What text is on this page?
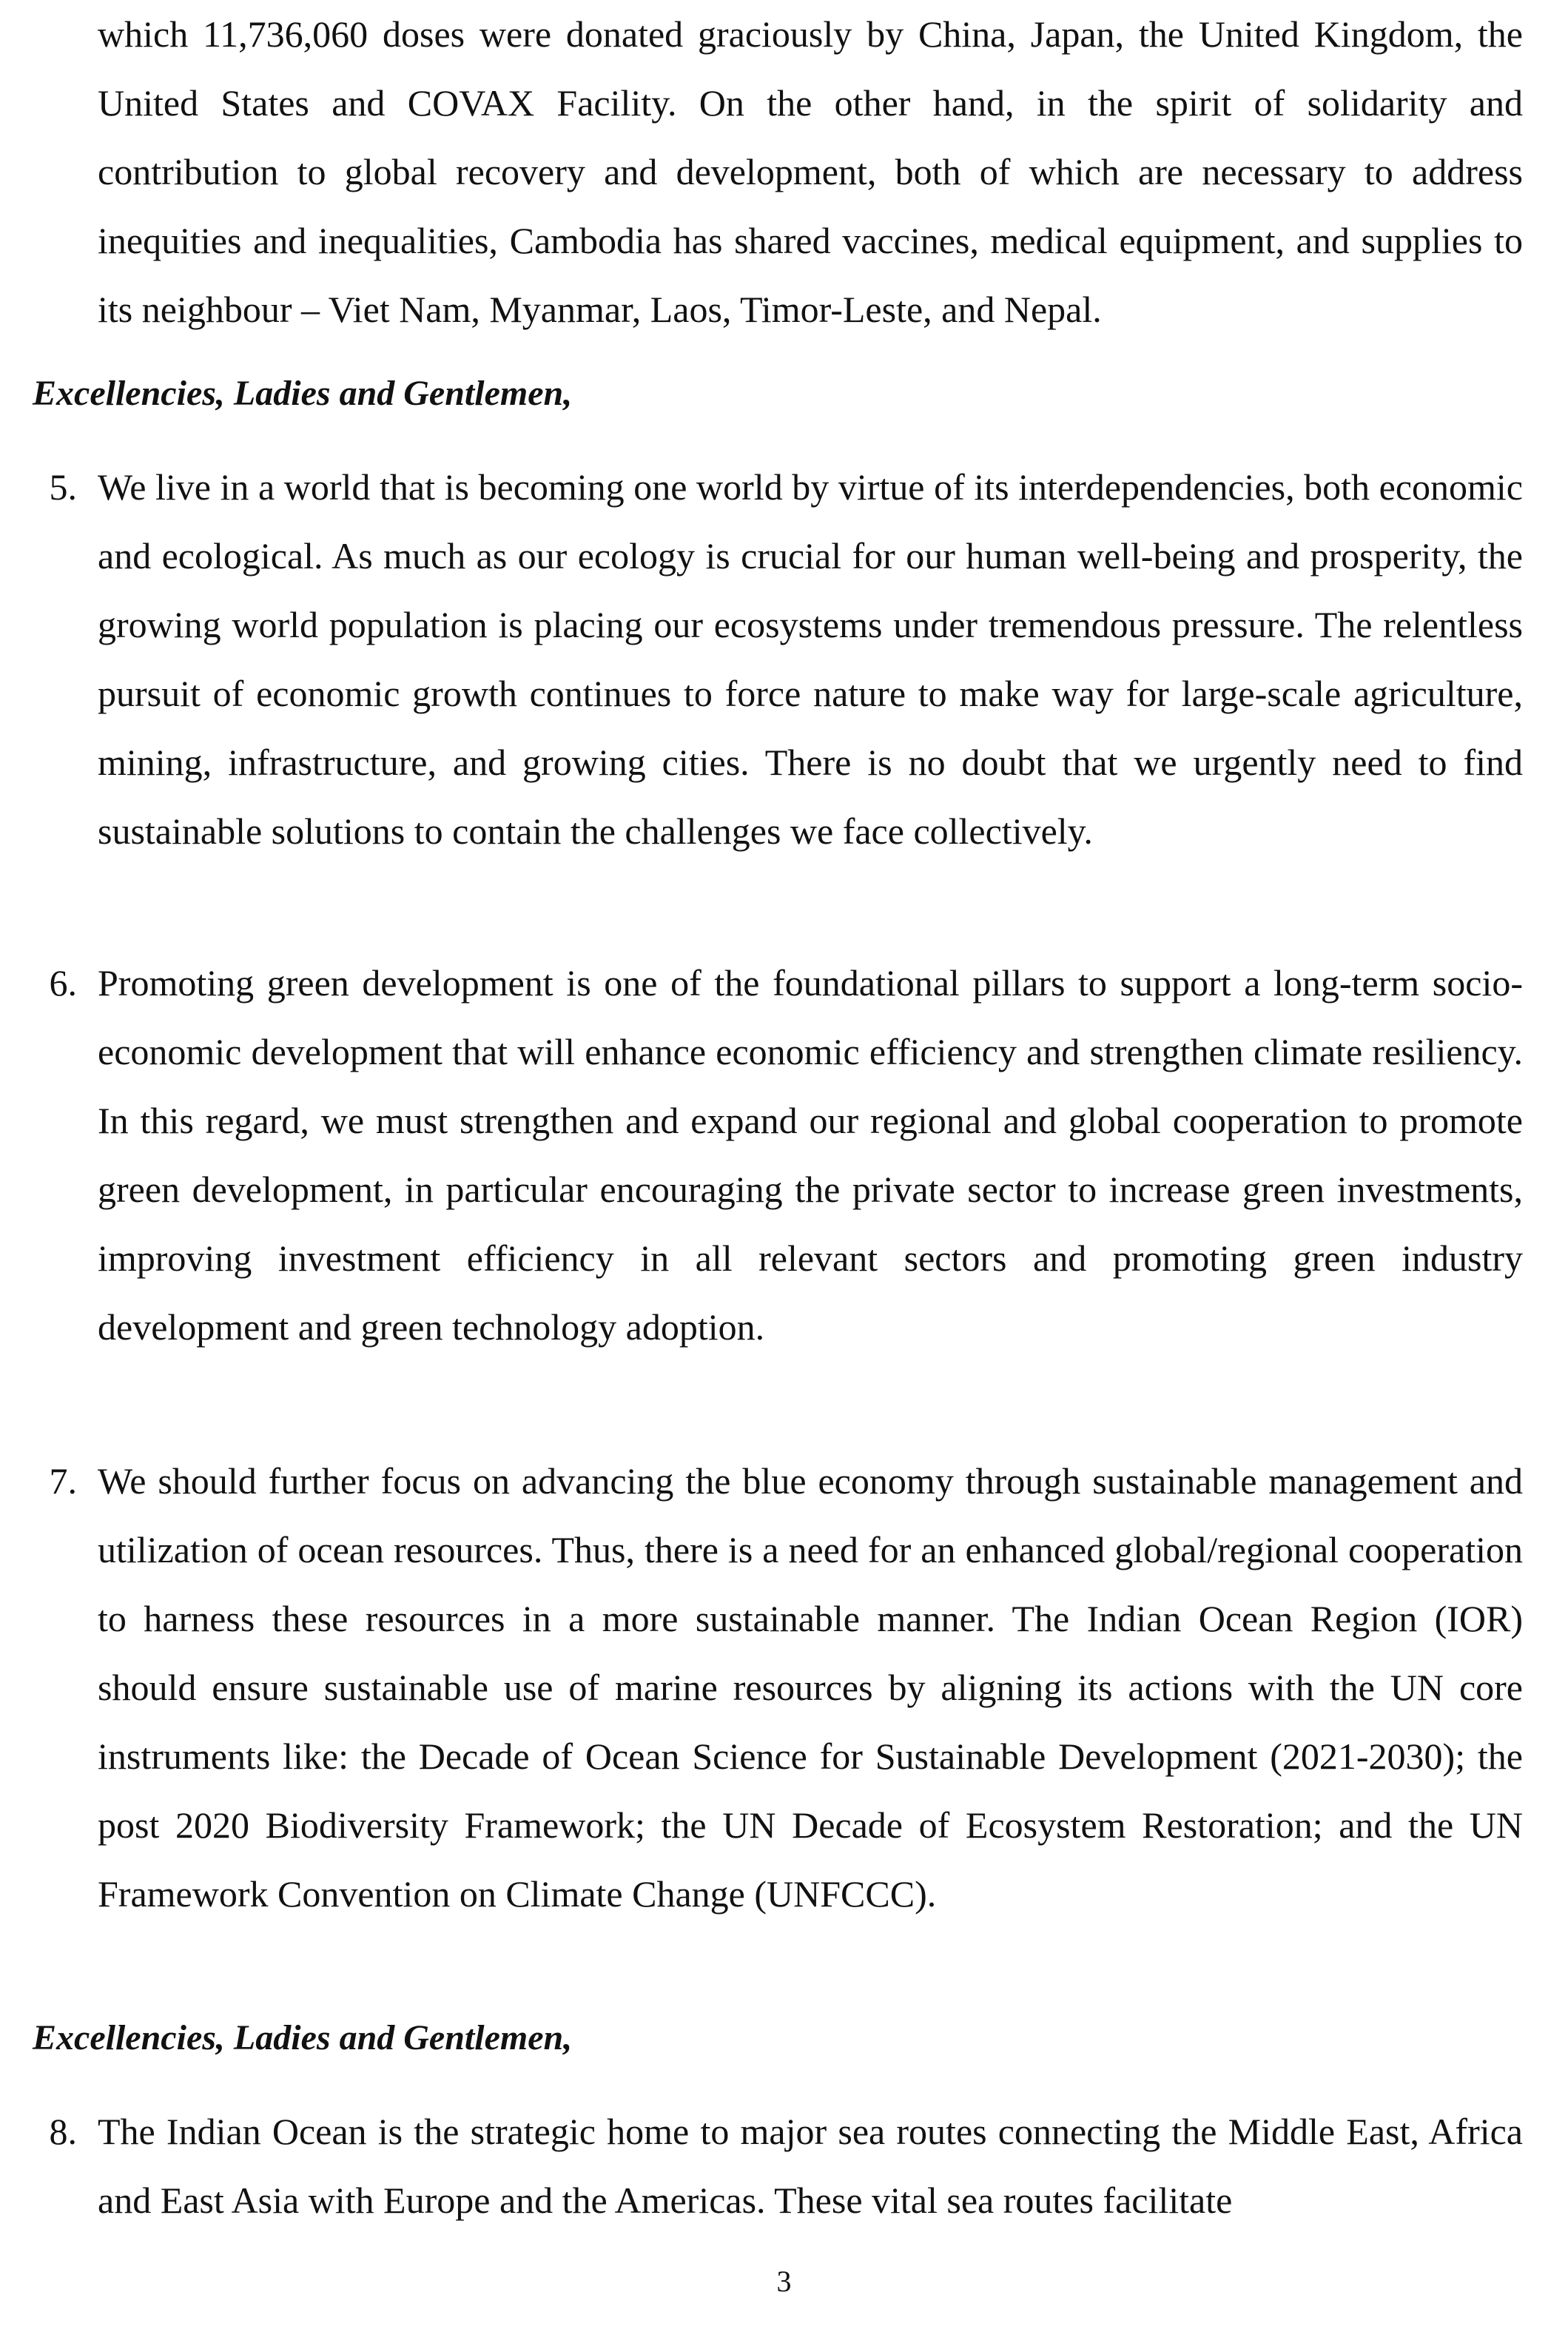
which 11,736,060 doses were donated graciously by China, Japan, the United Kingdom, the United States and COVAX Facility. On the other hand, in the spirit of solidarity and contribution to global recovery and development, both of which are necessary to address inequities and inequalities, Cambodia has shared vaccines, medical equipment, and supplies to its neighbour – Viet Nam, Myanmar, Laos, Timor-Leste, and Nepal.

Excellencies, Ladies and Gentlemen,

5. We live in a world that is becoming one world by virtue of its interdependencies, both economic and ecological. As much as our ecology is crucial for our human well-being and prosperity, the growing world population is placing our ecosystems under tremendous pressure. The relentless pursuit of economic growth continues to force nature to make way for large-scale agriculture, mining, infrastructure, and growing cities. There is no doubt that we urgently need to find sustainable solutions to contain the challenges we face collectively.

6. Promoting green development is one of the foundational pillars to support a long-term socio-economic development that will enhance economic efficiency and strengthen climate resiliency. In this regard, we must strengthen and expand our regional and global cooperation to promote green development, in particular encouraging the private sector to increase green investments, improving investment efficiency in all relevant sectors and promoting green industry development and green technology adoption.

7. We should further focus on advancing the blue economy through sustainable management and utilization of ocean resources. Thus, there is a need for an enhanced global/regional cooperation to harness these resources in a more sustainable manner. The Indian Ocean Region (IOR) should ensure sustainable use of marine resources by aligning its actions with the UN core instruments like: the Decade of Ocean Science for Sustainable Development (2021-2030); the post 2020 Biodiversity Framework; the UN Decade of Ecosystem Restoration; and the UN Framework Convention on Climate Change (UNFCCC).

Excellencies, Ladies and Gentlemen,

8. The Indian Ocean is the strategic home to major sea routes connecting the Middle East, Africa and East Asia with Europe and the Americas. These vital sea routes facilitate

3
